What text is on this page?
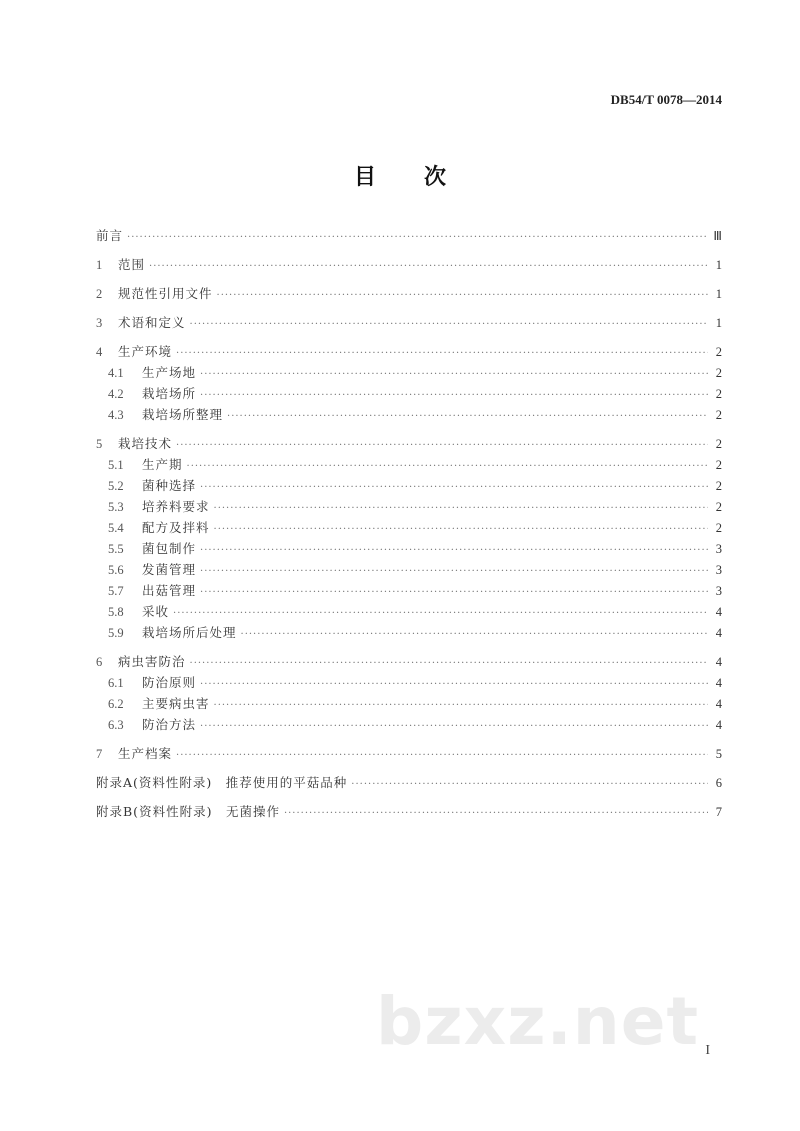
DB54/T 0078—2014
目次
前言 ·····	Ⅲ
1	范围 ·····	1
2	规范性引用文件 ·····	1
3	术语和定义 ·····	1
4	生产环境 ·····	2
4.1	生产场地 ·····	2
4.2	栽培场所 ·····	2
4.3	栽培场所整理 ·····	2
5	栽培技术 ·····	2
5.1	生产期 ·····	2
5.2	菌种选择 ·····	2
5.3	培养料要求 ·····	2
5.4	配方及拌料 ·····	2
5.5	菌包制作 ·····	3
5.6	发菌管理 ·····	3
5.7	出菇管理 ·····	3
5.8	采收 ·····	4
5.9	栽培场所后处理 ·····	4
6	病虫害防治 ·····	4
6.1	防治原则 ·····	4
6.2	主要病虫害 ·····	4
6.3	防治方法 ·····	4
7	生产档案 ·····	5
附录A(资料性附录)　推荐使用的平菇品种 ·····	6
附录B(资料性附录)　无菌操作 ·····	7
bzxz.net I
